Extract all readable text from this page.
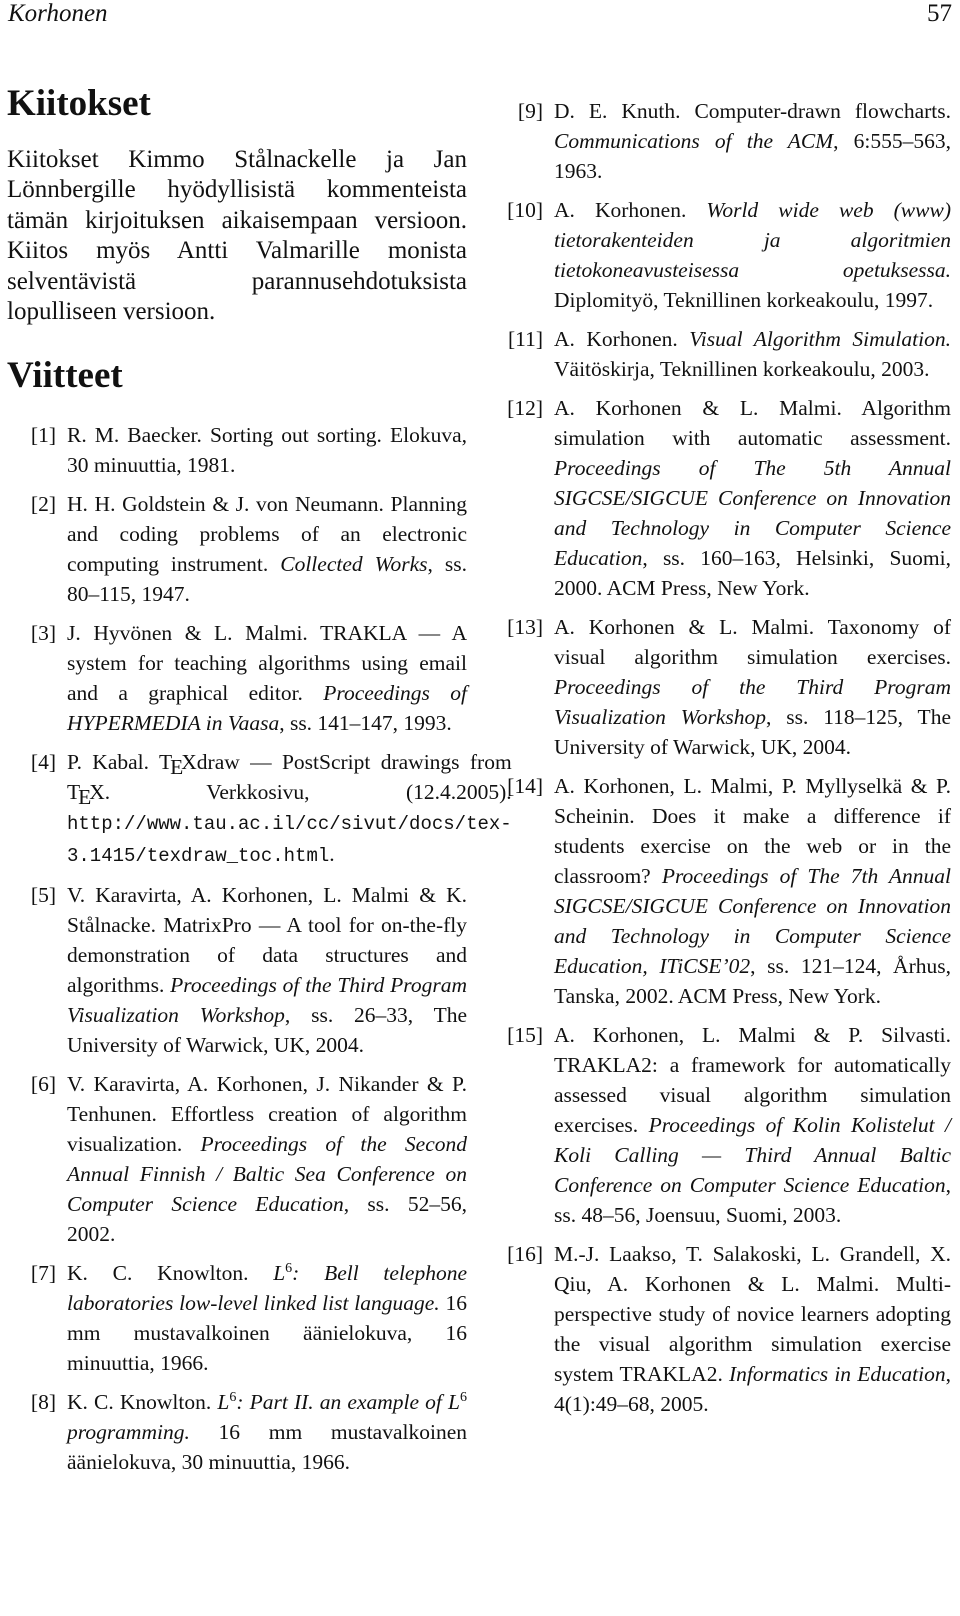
Korhonen	57
Kiitokset

Kiitokset Kimmo Stålnackelle ja Jan Lönnbergille hyödyllisistä kommenteista tämän kirjoituksen aikaisempaan versioon. Kiitos myös Antti Valmarille monista selventävistä parannusehdotuksista lopulliseen versioon.

Viitteet
[1] R. M. Baecker. Sorting out sorting. Elokuva, 30 minuuttia, 1981.
[2] H. H. Goldstein & J. von Neumann. Planning and coding problems of an electronic computing instrument. Collected Works, ss. 80–115, 1947.
[3] J. Hyvönen & L. Malmi. TRAKLA — A system for teaching algorithms using email and a graphical editor. Proceedings of HYPERMEDIA in Vaasa, ss. 141–147, 1993.
[4] P. Kabal. TEXdraw — PostScript drawings from TEX. Verkkosivu, (12.4.2005). http://www.tau.ac.il/cc/sivut/docs/tex-3.1415/texdraw_toc.html.
[5] V. Karavirta, A. Korhonen, L. Malmi & K. Stålnacke. MatrixPro — A tool for on-the-fly demonstration of data structures and algorithms. Proceedings of the Third Program Visualization Workshop, ss. 26–33, The University of Warwick, UK, 2004.
[6] V. Karavirta, A. Korhonen, J. Nikander & P. Tenhunen. Effortless creation of algorithm visualization. Proceedings of the Second Annual Finnish / Baltic Sea Conference on Computer Science Education, ss. 52–56, 2002.
[7] K. C. Knowlton. $L^6$: Bell telephone laboratories low-level linked list language. 16 mm mustavalkoinen äänielokuva, 16 minuuttia, 1966.
[8] K. C. Knowlton. $L^6$: Part II. an example of $L^6$ programming. 16 mm mustavalkoinen äänielokuva, 30 minuuttia, 1966.
[9] D. E. Knuth. Computer-drawn flowcharts. Communications of the ACM, 6:555–563, 1963.
[10] A. Korhonen. World wide web (www) tietorakenteiden ja algoritmien tietokoneavusteisessa opetuksessa. Diplomityö, Teknillinen korkeakoulu, 1997.
[11] A. Korhonen. Visual Algorithm Simulation. Väitöskirja, Teknillinen korkeakoulu, 2003.
[12] A. Korhonen & L. Malmi. Algorithm simulation with automatic assessment. Proceedings of The 5th Annual SIGCSE/SIGCUE Conference on Innovation and Technology in Computer Science Education, ss. 160–163, Helsinki, Suomi, 2000. ACM Press, New York.
[13] A. Korhonen & L. Malmi. Taxonomy of visual algorithm simulation exercises. Proceedings of the Third Program Visualization Workshop, ss. 118–125, The University of Warwick, UK, 2004.
[14] A. Korhonen, L. Malmi, P. Myllyselkä & P. Scheinin. Does it make a difference if students exercise on the web or in the classroom? Proceedings of The 7th Annual SIGCSE/SIGCUE Conference on Innovation and Technology in Computer Science Education, ITiCSE’02, ss. 121–124, Århus, Tanska, 2002. ACM Press, New York.
[15] A. Korhonen, L. Malmi & P. Silvasti. TRAKLA2: a framework for automatically assessed visual algorithm simulation exercises. Proceedings of Kolin Kolistelut / Koli Calling — Third Annual Baltic Conference on Computer Science Education, ss. 48–56, Joensuu, Suomi, 2003.
[16] M.-J. Laakso, T. Salakoski, L. Grandell, X. Qiu, A. Korhonen & L. Malmi. Multi-perspective study of novice learners adopting the visual algorithm simulation exercise system TRAKLA2. Informatics in Education, 4(1):49–68, 2005.
